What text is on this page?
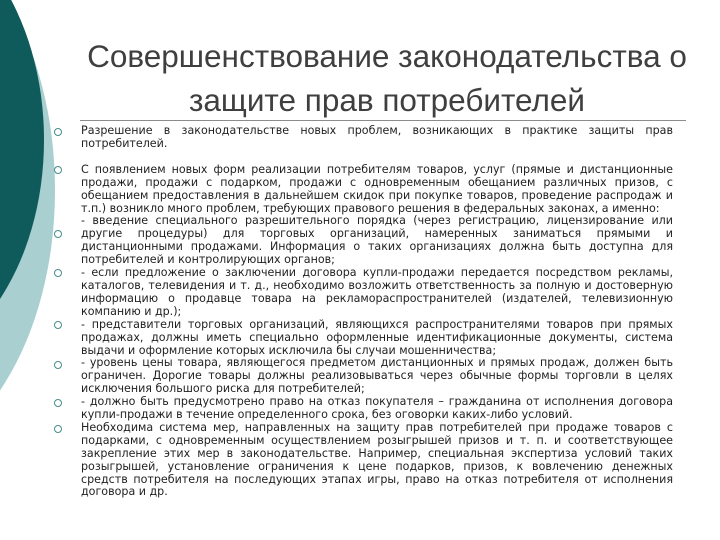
Совершенствование законодательства о защите прав потребителей

Разрешение в законодательстве новых проблем, возникающих в практике защиты прав потребителей.

С появлением новых форм реализации потребителям товаров, услуг (прямые и дистанционные продажи, продажи с подарком, продажи с одновременным обещанием различных призов, с обещанием предоставления в дальнейшем скидок при покупке товаров, проведение распродаж и т.п.) возникло много проблем, требующих правового решения в федеральных законах, а именно:

- введение специального разрешительного порядка (через регистрацию, лицензирование или другие процедуры) для торговых организаций, намеренных заниматься прямыми и дистанционными продажами. Информация о таких организациях должна быть доступна для потребителей и контролирующих органов;

- если предложение о заключении договора купли-продажи передается посредством рекламы, каталогов, телевидения и т. д., необходимо возложить ответственность за полную и достоверную информацию о продавце товара на рекламораспространителей (издателей, телевизионную компанию и др.);

- представители торговых организаций, являющихся распространителями товаров при прямых продажах, должны иметь специально оформленные идентификационные документы, система выдачи и оформление которых исключила бы случаи мошенничества;

- уровень цены товара, являющегося предметом дистанционных и прямых продаж, должен быть ограничен. Дорогие товары должны реализовываться через обычные формы торговли в целях исключения большого риска для потребителей;

- должно быть предусмотрено право на отказ покупателя – гражданина от исполнения договора купли-продажи в течение определенного срока, без оговорки каких-либо условий.

Необходима система мер, направленных на защиту прав потребителей при продаже товаров с подарками, с одновременным осуществлением розыгрышей призов и т. п. и соответствующее закрепление этих мер в законодательстве. Например, специальная экспертиза условий таких розыгрышей, установление ограничения к цене подарков, призов, к вовлечению денежных средств потребителя на последующих этапах игры, право на отказ потребителя от исполнения договора и др.
